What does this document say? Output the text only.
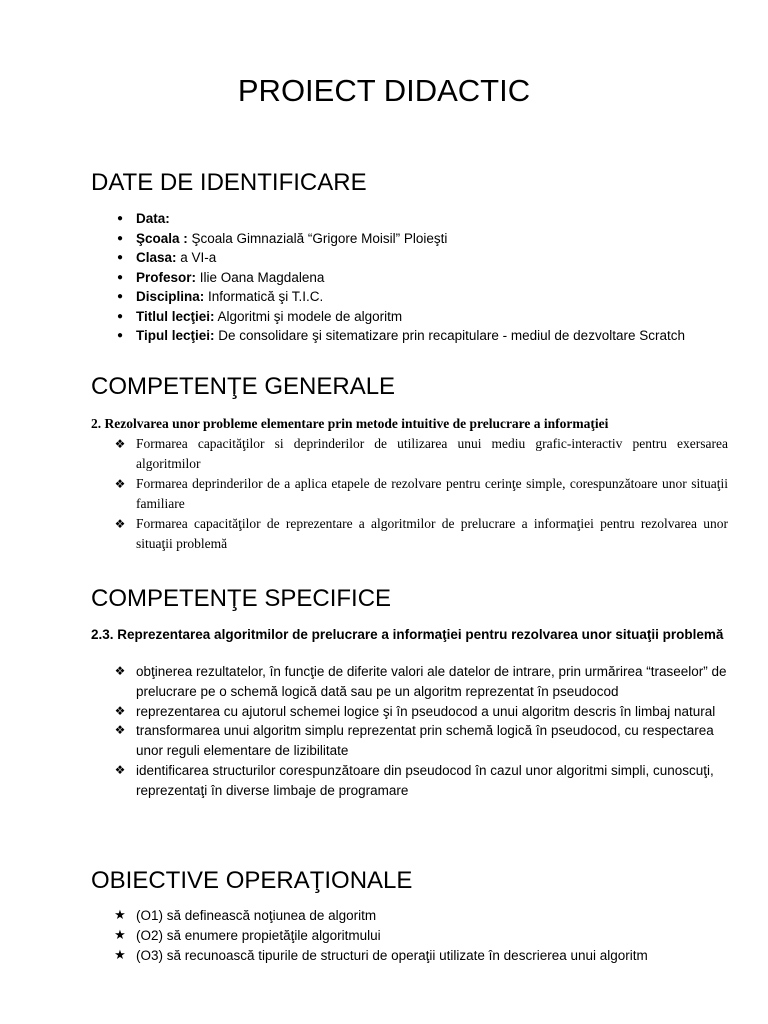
PROIECT DIDACTIC
DATE DE IDENTIFICARE
● Data:
● Şcoala : Şcoala Gimnazială “Grigore Moisil” Ploieşti
● Clasa: a VI-a
● Profesor: Ilie Oana Magdalena
● Disciplina: Informatică şi T.I.C.
● Titlul lecţiei: Algoritmi şi modele de algoritm
● Tipul lecţiei: De consolidare şi sitematizare prin recapitulare - mediul de dezvoltare Scratch
COMPETENŢE GENERALE

2. Rezolvarea unor probleme elementare prin metode intuitive de prelucrare a informaţiei

❖ Formarea capacităţilor si deprinderilor de utilizarea unui mediu grafic-interactiv pentru exersarea algoritmilor
❖ Formarea deprinderilor de a aplica etapele de rezolvare pentru cerinţe simple, corespunzătoare unor situaţii familiare
❖ Formarea capacităţilor de reprezentare a algoritmilor de prelucrare a informaţiei pentru rezolvarea unor situaţii problemă
COMPETENŢE SPECIFICE

2.3. Reprezentarea algoritmilor de prelucrare a informaţiei pentru rezolvarea unor situaţii problemă

❖ obţinerea rezultatelor, în funcţie de diferite valori ale datelor de intrare, prin urmărirea “traseelor” de prelucrare pe o schemă logică dată sau pe un algoritm reprezentat în pseudocod
❖ reprezentarea cu ajutorul schemei logice şi în pseudocod a unui algoritm descris în limbaj natural
❖ transformarea unui algoritm simplu reprezentat prin schemă logică în pseudocod, cu respectarea unor reguli elementare de lizibilitate
❖ identificarea structurilor corespunzătoare din pseudocod în cazul unor algoritmi simpli, cunoscuţi, reprezentaţi în diverse limbaje de programare
OBIECTIVE OPERAŢIONALE
★ (O1) să definească noţiunea de algoritm
★ (O2) să enumere propietăţile algoritmului
★ (O3) să recunoască tipurile de structuri de operaţii utilizate în descrierea unui algoritm
